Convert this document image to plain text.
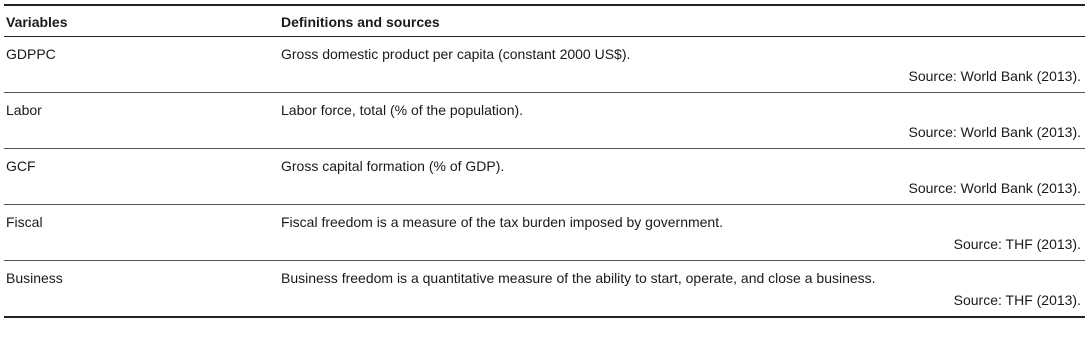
Variables	Definitions and sources
GDPPC	Gross domestic product per capita (constant 2000 US$).
Source: World Bank (2013).
Labor	Labor force, total (% of the population).
Source: World Bank (2013).
GCF	Gross capital formation (% of GDP).
Source: World Bank (2013).
Fiscal	Fiscal freedom is a measure of the tax burden imposed by government.
Source: THF (2013).
Business	Business freedom is a quantitative measure of the ability to start, operate, and close a business.
Source: THF (2013).
